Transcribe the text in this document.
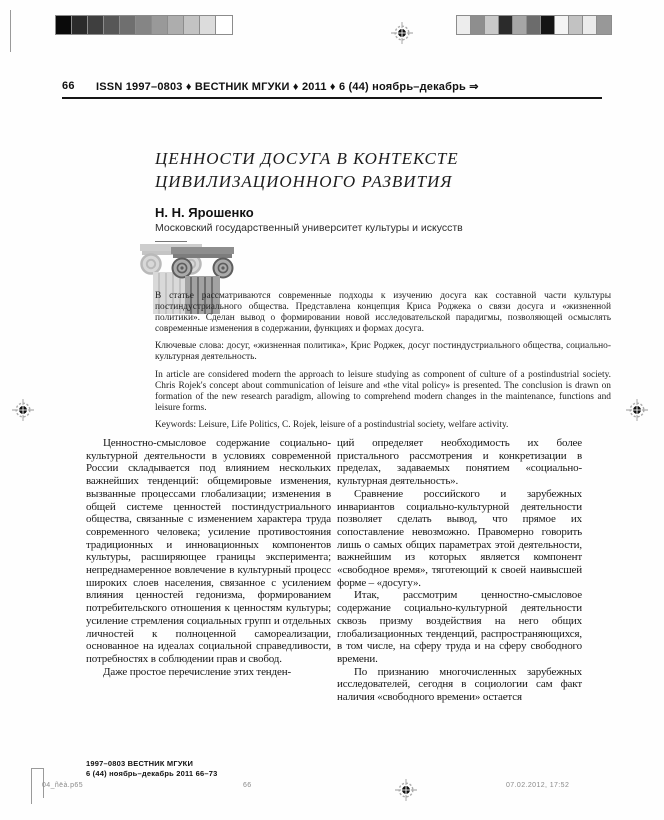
66 ISSN 1997–0803 ♦ ВЕСТНИК МГУКИ ♦ 2011 ♦ 6 (44) ноябрь–декабрь ⇒
ЦЕННОСТИ ДОСУГА В КОНТЕКСТЕ
ЦИВИЛИЗАЦИОННОГО РАЗВИТИЯ
Н. Н. Ярошенко
Московский государственный университет культуры и искусств

В статье рассматриваются современные подходы к изучению досуга как составной части культуры постиндустриального общества. Представлена концепция Криса Роджека о связи досуга и «жизненной политики». Сделан вывод о формировании новой исследовательской парадигмы, позволяющей осмыслять современные изменения в содержании, функциях и формах досуга.

Ключевые слова: досуг, «жизненная политика», Крис Роджек, досуг постиндустриального общества, социально-культурная деятельность.

In article are considered modern the approach to leisure studying as component of culture of a postindustrial society. Chris Rojek's concept about communication of leisure and «the vital policy» is presented. The conclusion is drawn on formation of the new research paradigm, allowing to comprehend modern changes in the maintenance, functions and leisure forms.

Keywords: Leisure, Life Politics, C. Rojek, leisure of a postindustrial society, welfare activity.

Ценностно-смысловое содержание социально-культурной деятельности в условиях современной России складывается под влиянием нескольких важнейших тенденций: общемировые изменения, вызванные процессами глобализации; изменения в общей системе ценностей постиндустриального общества, связанные с изменением характера труда современного человека; усиление противостояния традиционных и инновационных компонентов культуры, расширяющее границы эксперимента; непреднамеренное вовлечение в культурный процесс широких слоев населения, связанное с усилением влияния ценностей гедонизма, формированием потребительского отношения к ценностям культуры; усиление стремления социальных групп и отдельных личностей к полноценной самореализации, основанное на идеалах социальной справедливости, потребностях в соблюдении прав и свобод.

Даже простое перечисление этих тенден-

1997–0803 ВЕСТНИК МГУКИ
6 (44) ноябрь–декабрь 2011 66–73

ций определяет необходимость их более пристального рассмотрения и конкретизации в пределах, задаваемых понятием «социально-культурная деятельность».

Сравнение российского и зарубежных инвариантов социально-культурной деятельности позволяет сделать вывод, что прямое их сопоставление невозможно. Правомерно говорить лишь о самых общих параметрах этой деятельности, важнейшим из которых является компонент «свободное время», тяготеющий к своей наивысшей форме – «досугу».

Итак, рассмотрим ценностно-смысловое содержание социально-культурной деятельности сквозь призму воздействия на него общих глобализационных тенденций, распространяющихся, в том числе, на сферу труда и на сферу свободного времени.

По признанию многочисленных зарубежных исследователей, сегодня в социологии сам факт наличия «свободного времени» остается

04_ñëà.p65	66	07.02.2012, 17:52
